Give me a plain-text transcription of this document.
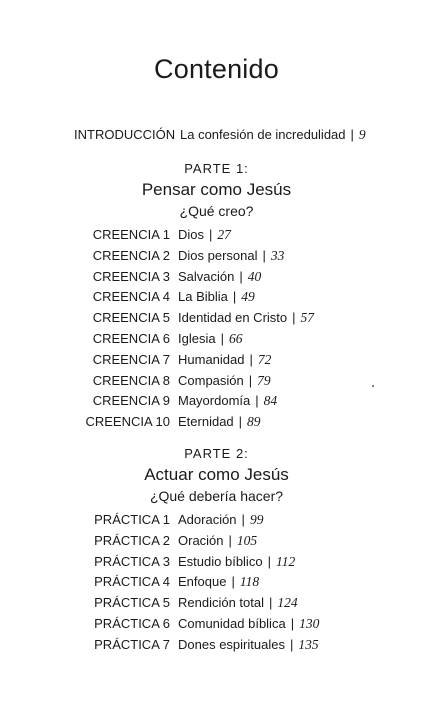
Contenido
INTRODUCCIÓN La confesión de incredulidad | 9
PARTE 1:
Pensar como Jesús
¿Qué creo?
CREENCIA 1 Dios | 27
CREENCIA 2 Dios personal | 33
CREENCIA 3 Salvación | 40
CREENCIA 4 La Biblia | 49
CREENCIA 5 Identidad en Cristo | 57
CREENCIA 6 Iglesia | 66
CREENCIA 7 Humanidad | 72
CREENCIA 8 Compasión | 79
CREENCIA 9 Mayordomía | 84
CREENCIA 10 Eternidad | 89
PARTE 2:
Actuar como Jesús
¿Qué debería hacer?
PRÁCTICA 1 Adoración | 99
PRÁCTICA 2 Oración | 105
PRÁCTICA 3 Estudio bíblico | 112
PRÁCTICA 4 Enfoque | 118
PRÁCTICA 5 Rendición total | 124
PRÁCTICA 6 Comunidad bíblica | 130
PRÁCTICA 7 Dones espirituales | 135
